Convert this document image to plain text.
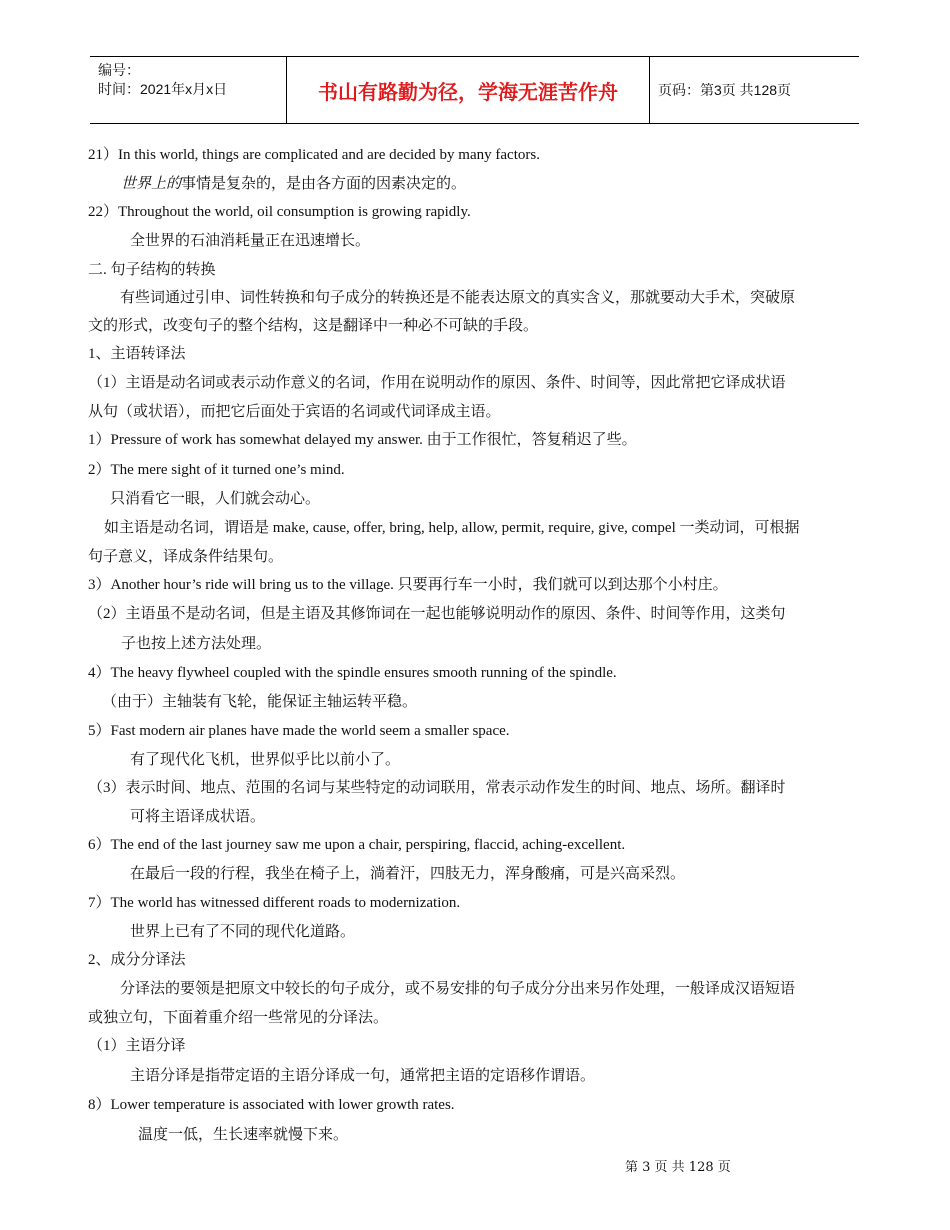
编号：
时间：2021年x月x日	书山有路勤为径，学海无涯苦作舟	页码：第3页 共128页
21）In this world, things are complicated and are decided by many factors.
世界上的事情是复杂的，是由各方面的因素决定的。
22）Throughout the world, oil consumption is growing rapidly.
全世界的石油消耗量正在迅速增长。
二. 句子结构的转换
有些词通过引申、词性转换和句子成分的转换还是不能表达原文的真实含义，那就要动大手术，突破原
文的形式，改变句子的整个结构，这是翻译中一种必不可缺的手段。
1、主语转译法
（1）主语是动名词或表示动作意义的名词，作用在说明动作的原因、条件、时间等，因此常把它译成状语
从句（或状语），而把它后面处于宾语的名词或代词译成主语。
1）Pressure of work has somewhat delayed my answer. 由于工作很忙，答复稍迟了些。
2）The mere sight of it turned one’s mind.
只消看它一眼，人们就会动心。
如主语是动名词，谓语是 make, cause, offer, bring, help, allow, permit, require, give, compel 一类动词，可根据
句子意义，译成条件结果句。
3）Another hour’s ride will bring us to the village. 只要再行车一小时，我们就可以到达那个小村庄。
（2）主语虽不是动名词，但是主语及其修饰词在一起也能够说明动作的原因、条件、时间等作用，这类句
子也按上述方法处理。
4）The heavy flywheel coupled with the spindle ensures smooth running of the spindle.
（由于）主轴装有飞轮，能保证主轴运转平稳。
5）Fast modern air planes have made the world seem a smaller space.
有了现代化飞机，世界似乎比以前小了。
（3）表示时间、地点、范围的名词与某些特定的动词联用，常表示动作发生的时间、地点、场所。翻译时
可将主语译成状语。
6）The end of the last journey saw me upon a chair, perspiring, flaccid, aching-excellent.
在最后一段的行程，我坐在椅子上，淌着汗，四肢无力，浑身酸痛，可是兴高采烈。
7）The world has witnessed different roads to modernization.
世界上已有了不同的现代化道路。
2、成分分译法
分译法的要领是把原文中较长的句子成分，或不易安排的句子成分分出来另作处理，一般译成汉语短语
或独立句，下面着重介绍一些常见的分译法。
（1）主语分译
主语分译是指带定语的主语分译成一句，通常把主语的定语移作谓语。
8）Lower temperature is associated with lower growth rates.
温度一低，生长速率就慢下来。
第 3 页 共 128 页
